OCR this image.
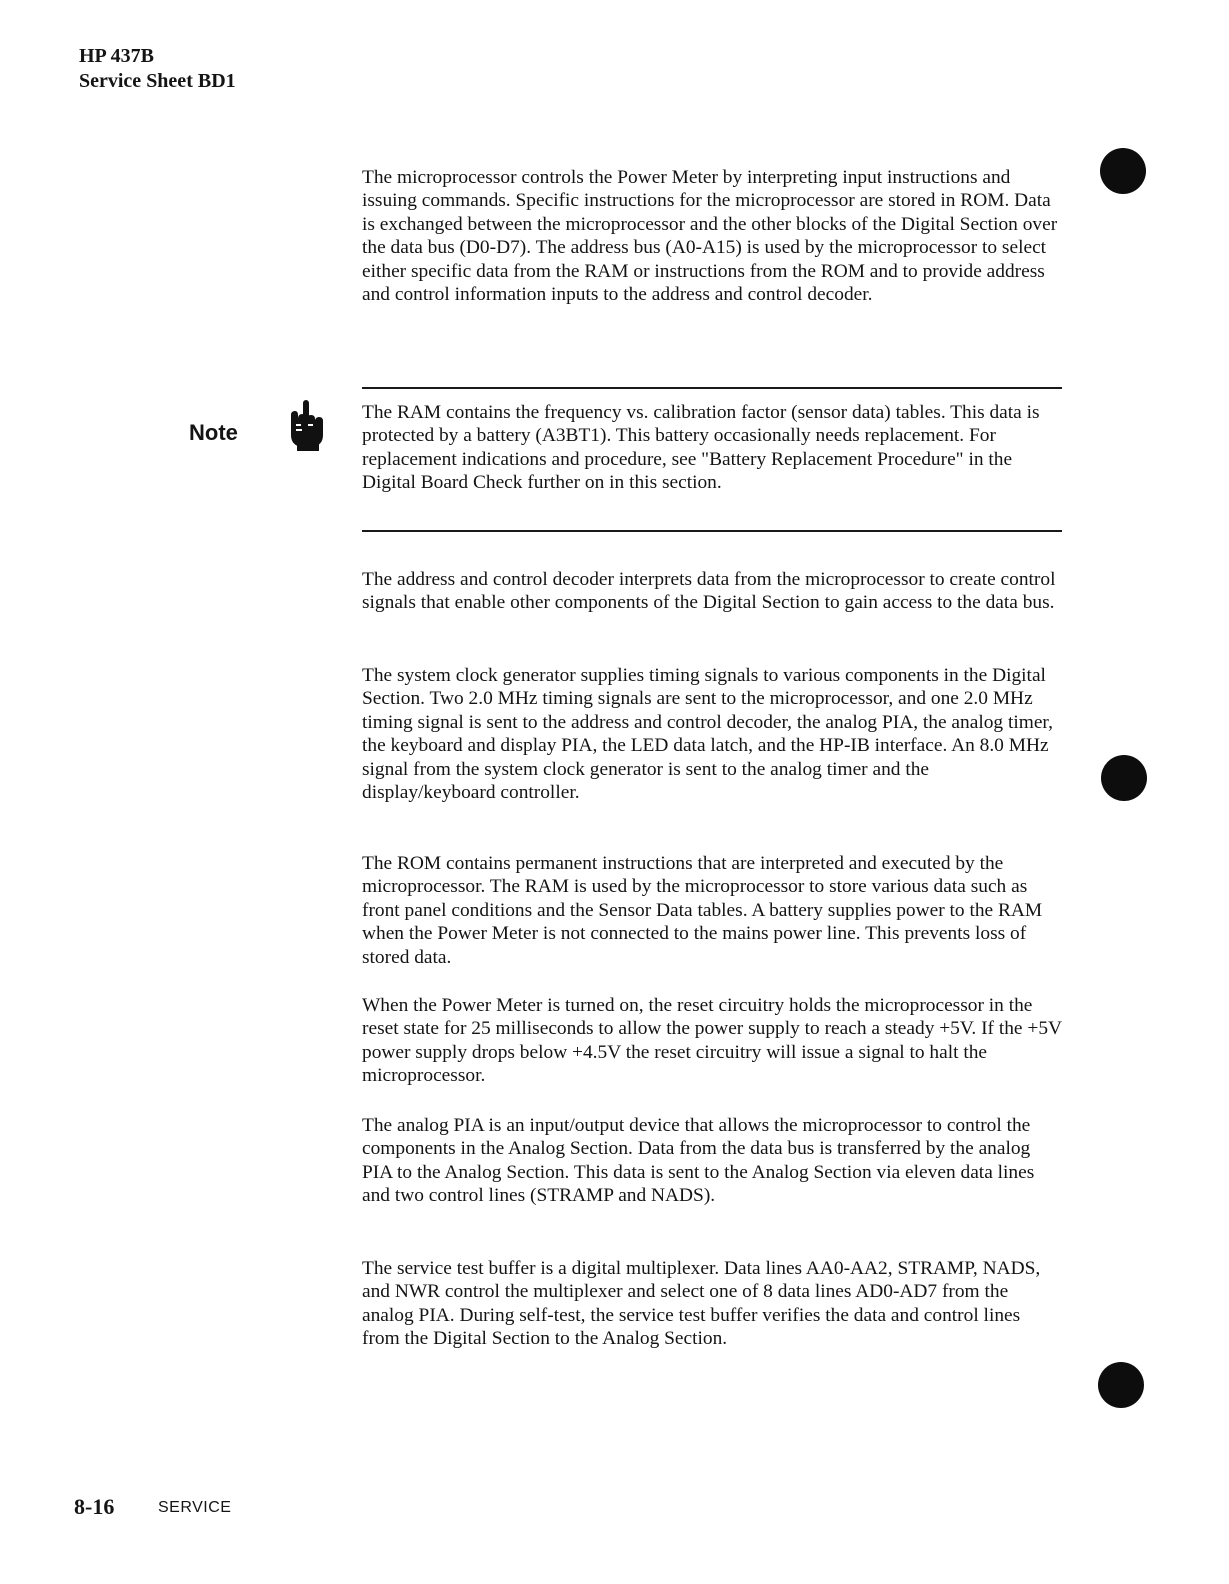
HP 437B
Service Sheet BD1

The microprocessor controls the Power Meter by interpreting input instructions and issuing commands. Specific instructions for the microprocessor are stored in ROM. Data is exchanged between the microprocessor and the other blocks of the Digital Section over the data bus (D0-D7). The address bus (A0-A15) is used by the microprocessor to select either specific data from the RAM or instructions from the ROM and to provide address and control information inputs to the address and control decoder.

Note

The RAM contains the frequency vs. calibration factor (sensor data) tables. This data is protected by a battery (A3BT1). This battery occasionally needs replacement. For replacement indications and procedure, see "Battery Replacement Procedure" in the Digital Board Check further on in this section.

The address and control decoder interprets data from the microprocessor to create control signals that enable other components of the Digital Section to gain access to the data bus.

The system clock generator supplies timing signals to various components in the Digital Section. Two 2.0 MHz timing signals are sent to the microprocessor, and one 2.0 MHz timing signal is sent to the address and control decoder, the analog PIA, the analog timer, the keyboard and display PIA, the LED data latch, and the HP-IB interface. An 8.0 MHz signal from the system clock generator is sent to the analog timer and the display/keyboard controller.

The ROM contains permanent instructions that are interpreted and executed by the microprocessor. The RAM is used by the microprocessor to store various data such as front panel conditions and the Sensor Data tables. A battery supplies power to the RAM when the Power Meter is not connected to the mains power line. This prevents loss of stored data.

When the Power Meter is turned on, the reset circuitry holds the microprocessor in the reset state for 25 milliseconds to allow the power supply to reach a steady +5V. If the +5V power supply drops below +4.5V the reset circuitry will issue a signal to halt the microprocessor.

The analog PIA is an input/output device that allows the microprocessor to control the components in the Analog Section. Data from the data bus is transferred by the analog PIA to the Analog Section. This data is sent to the Analog Section via eleven data lines and two control lines (STRAMP and NADS).

The service test buffer is a digital multiplexer. Data lines AA0-AA2, STRAMP, NADS, and NWR control the multiplexer and select one of 8 data lines AD0-AD7 from the analog PIA. During self-test, the service test buffer verifies the data and control lines from the Digital Section to the Analog Section.

8-16	SERVICE
